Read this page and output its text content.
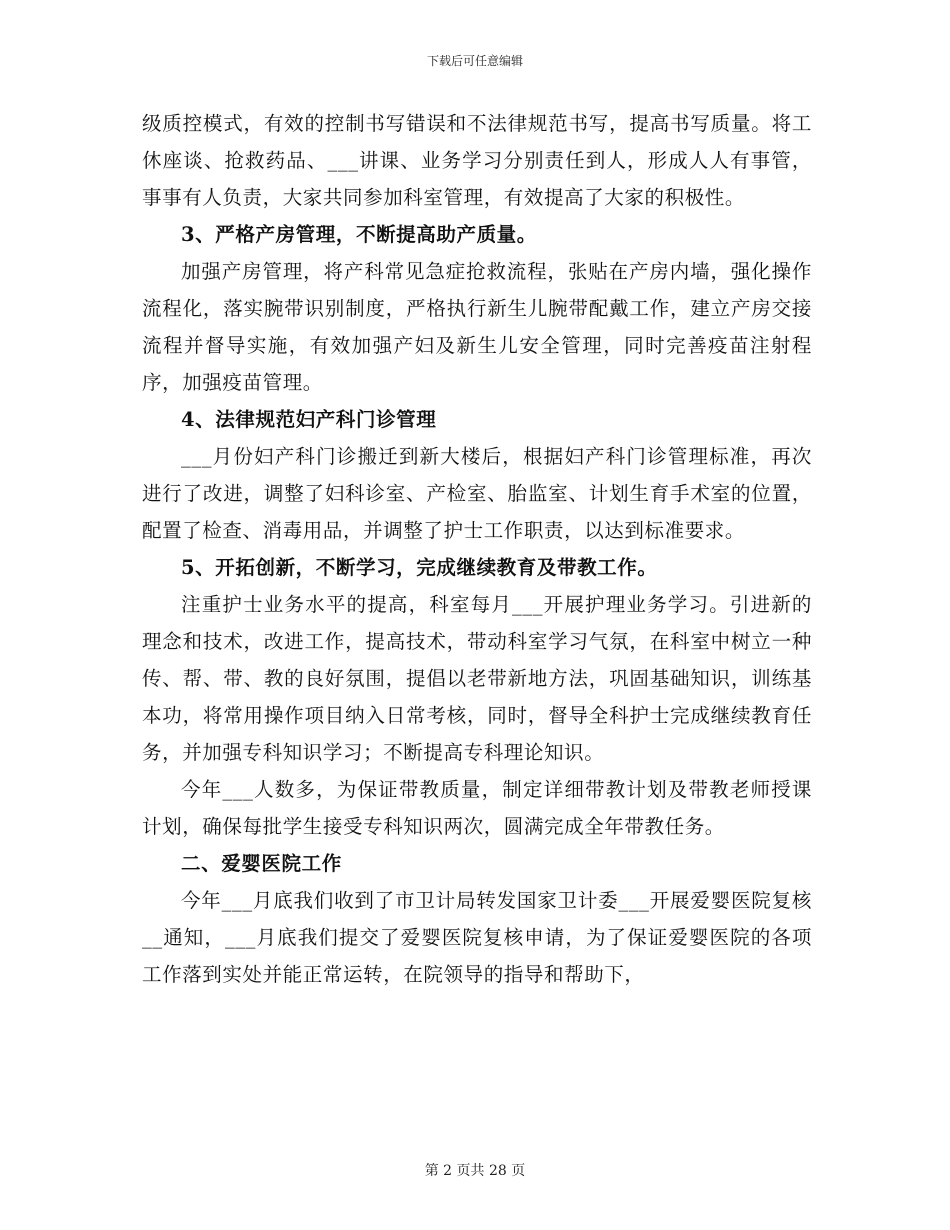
下载后可任意编辑

级质控模式，有效的控制书写错误和不法律规范书写，提高书写质量。将工休座谈、抢救药品、___讲课、业务学习分别责任到人，形成人人有事管，事事有人负责，大家共同参加科室管理，有效提高了大家的积极性。

3、严格产房管理，不断提高助产质量。

加强产房管理，将产科常见急症抢救流程，张贴在产房内墙，强化操作流程化，落实腕带识别制度，严格执行新生儿腕带配戴工作，建立产房交接流程并督导实施，有效加强产妇及新生儿安全管理，同时完善疫苗注射程序，加强疫苗管理。

4、法律规范妇产科门诊管理

___月份妇产科门诊搬迁到新大楼后，根据妇产科门诊管理标准，再次进行了改进，调整了妇科诊室、产检室、胎监室、计划生育手术室的位置，配置了检查、消毒用品，并调整了护士工作职责，以达到标准要求。

5、开拓创新，不断学习，完成继续教育及带教工作。

注重护士业务水平的提高，科室每月___开展护理业务学习。引进新的理念和技术，改进工作，提高技术，带动科室学习气氛，在科室中树立一种传、帮、带、教的良好氛围，提倡以老带新地方法，巩固基础知识，训练基本功，将常用操作项目纳入日常考核，同时，督导全科护士完成继续教育任务，并加强专科知识学习；不断提高专科理论知识。

今年___人数多，为保证带教质量，制定详细带教计划及带教老师授课计划，确保每批学生接受专科知识两次，圆满完成全年带教任务。

二、爱婴医院工作

今年___月底我们收到了市卫计局转发国家卫计委___开展爱婴医院复核__通知，___月底我们提交了爱婴医院复核申请，为了保证爱婴医院的各项工作落到实处并能正常运转，在院领导的指导和帮助下，

第 2 页共 28 页
